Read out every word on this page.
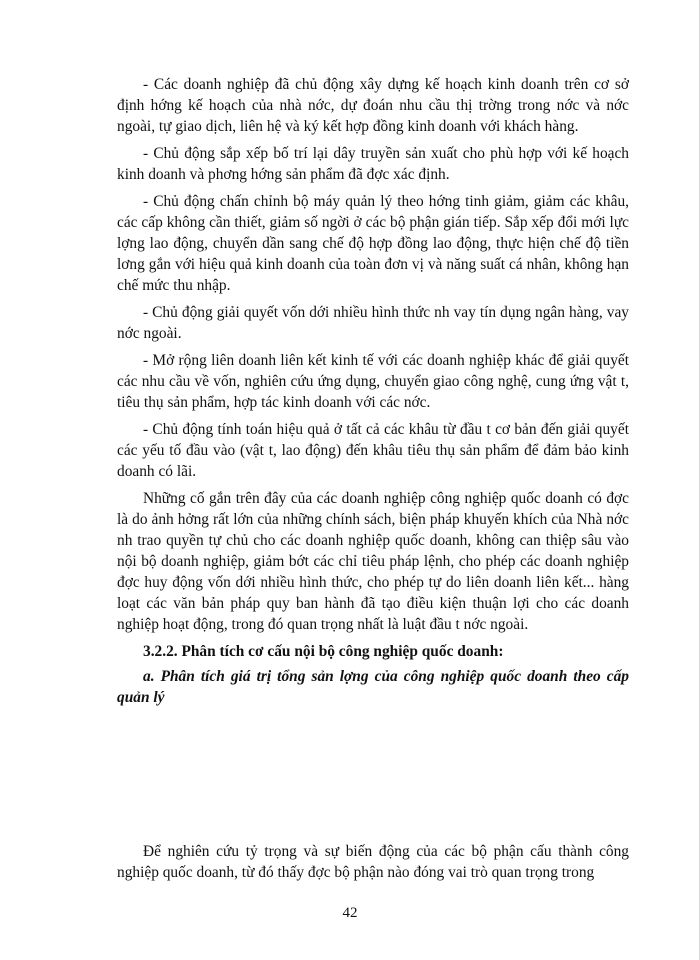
- Các doanh nghiệp đã chủ động xây dựng kế hoạch kinh doanh trên cơ sở định hớng kế hoạch của nhà nớc, dự đoán nhu cầu thị trờng trong nớc và nớc ngoài, tự giao dịch, liên hệ và ký kết hợp đồng kinh doanh với khách hàng.

- Chủ động sắp xếp bố trí lại dây truyền sản xuất cho phù hợp với kế hoạch kinh doanh và phơng hớng sản phẩm đã đợc xác định.

- Chủ động chấn chỉnh bộ máy quản lý theo hớng tinh giảm, giảm các khâu, các cấp không cần thiết, giảm số ngời ở các bộ phận gián tiếp. Sắp xếp đổi mới lực lợng lao động, chuyển dần sang chế độ hợp đồng lao động, thực hiện chế độ tiền lơng gắn với hiệu quả kinh doanh của toàn đơn vị và năng suất cá nhân, không hạn chế mức thu nhập.

- Chủ động giải quyết vốn dới nhiều hình thức nh vay tín dụng ngân hàng, vay nớc ngoài.

- Mở rộng liên doanh liên kết kinh tế với các doanh nghiệp khác để giải quyết các nhu cầu về vốn, nghiên cứu ứng dụng, chuyển giao công nghệ, cung ứng vật t, tiêu thụ sản phẩm, hợp tác kinh doanh với các nớc.

- Chủ động tính toán hiệu quả ở tất cả các khâu từ đầu t cơ bản đến giải quyết các yếu tố đầu vào (vật t, lao động) đến khâu tiêu thụ sản phẩm để đảm bảo kinh doanh có lãi.

Những cố gắn trên đây của các doanh nghiệp công nghiệp quốc doanh có đợc là do ảnh hởng rất lớn của những chính sách, biện pháp khuyến khích của Nhà nớc nh trao quyền tự chủ cho các doanh nghiệp quốc doanh, không can thiệp sâu vào nội bộ doanh nghiệp, giảm bớt các chỉ tiêu pháp lệnh, cho phép các doanh nghiệp đợc huy động vốn dới nhiều hình thức, cho phép tự do liên doanh liên kết... hàng loạt các văn bản pháp quy ban hành đã tạo điều kiện thuận lợi cho các doanh nghiệp hoạt động, trong đó quan trọng nhất là luật đầu t nớc ngoài.

3.2.2. Phân tích cơ cấu nội bộ công nghiệp quốc doanh:
a. Phân tích giá trị tổng sản lợng của công nghiệp quốc doanh theo cấp quản lý

Để nghiên cứu tỷ trọng và sự biến động của các bộ phận cấu thành công nghiệp quốc doanh, từ đó thấy đợc bộ phận nào đóng vai trò quan trọng trong

42
